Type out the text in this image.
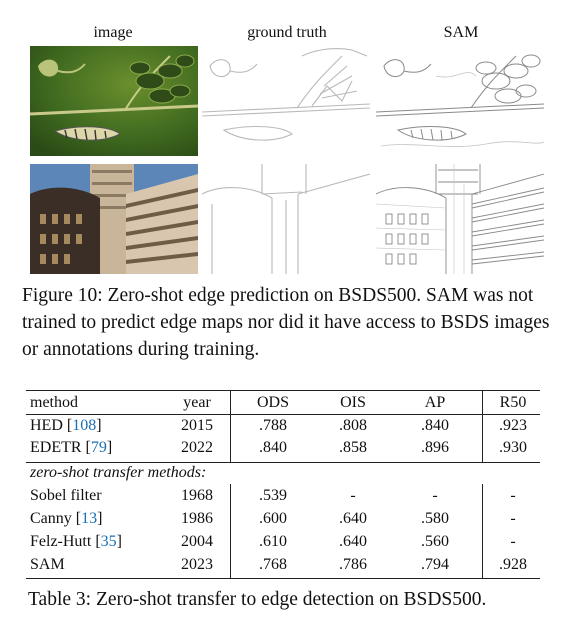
image	ground truth	SAM
Figure 10: Zero-shot edge prediction on BSDS500. SAM was not trained to predict edge maps nor did it have access to BSDS images or annotations during training.
method	year	ODS	OIS	AP	R50
HED [108]	2015	.788	.808	.840	.923
EDETR [79]	2022	.840	.858	.896	.930
zero-shot transfer methods:
Sobel filter	1968	.539	-	-	-
Canny [13]	1986	.600	.640	.580	-
Felz-Hutt [35]	2004	.610	.640	.560	-
SAM	2023	.768	.786	.794	.928
Table 3: Zero-shot transfer to edge detection on BSDS500.
